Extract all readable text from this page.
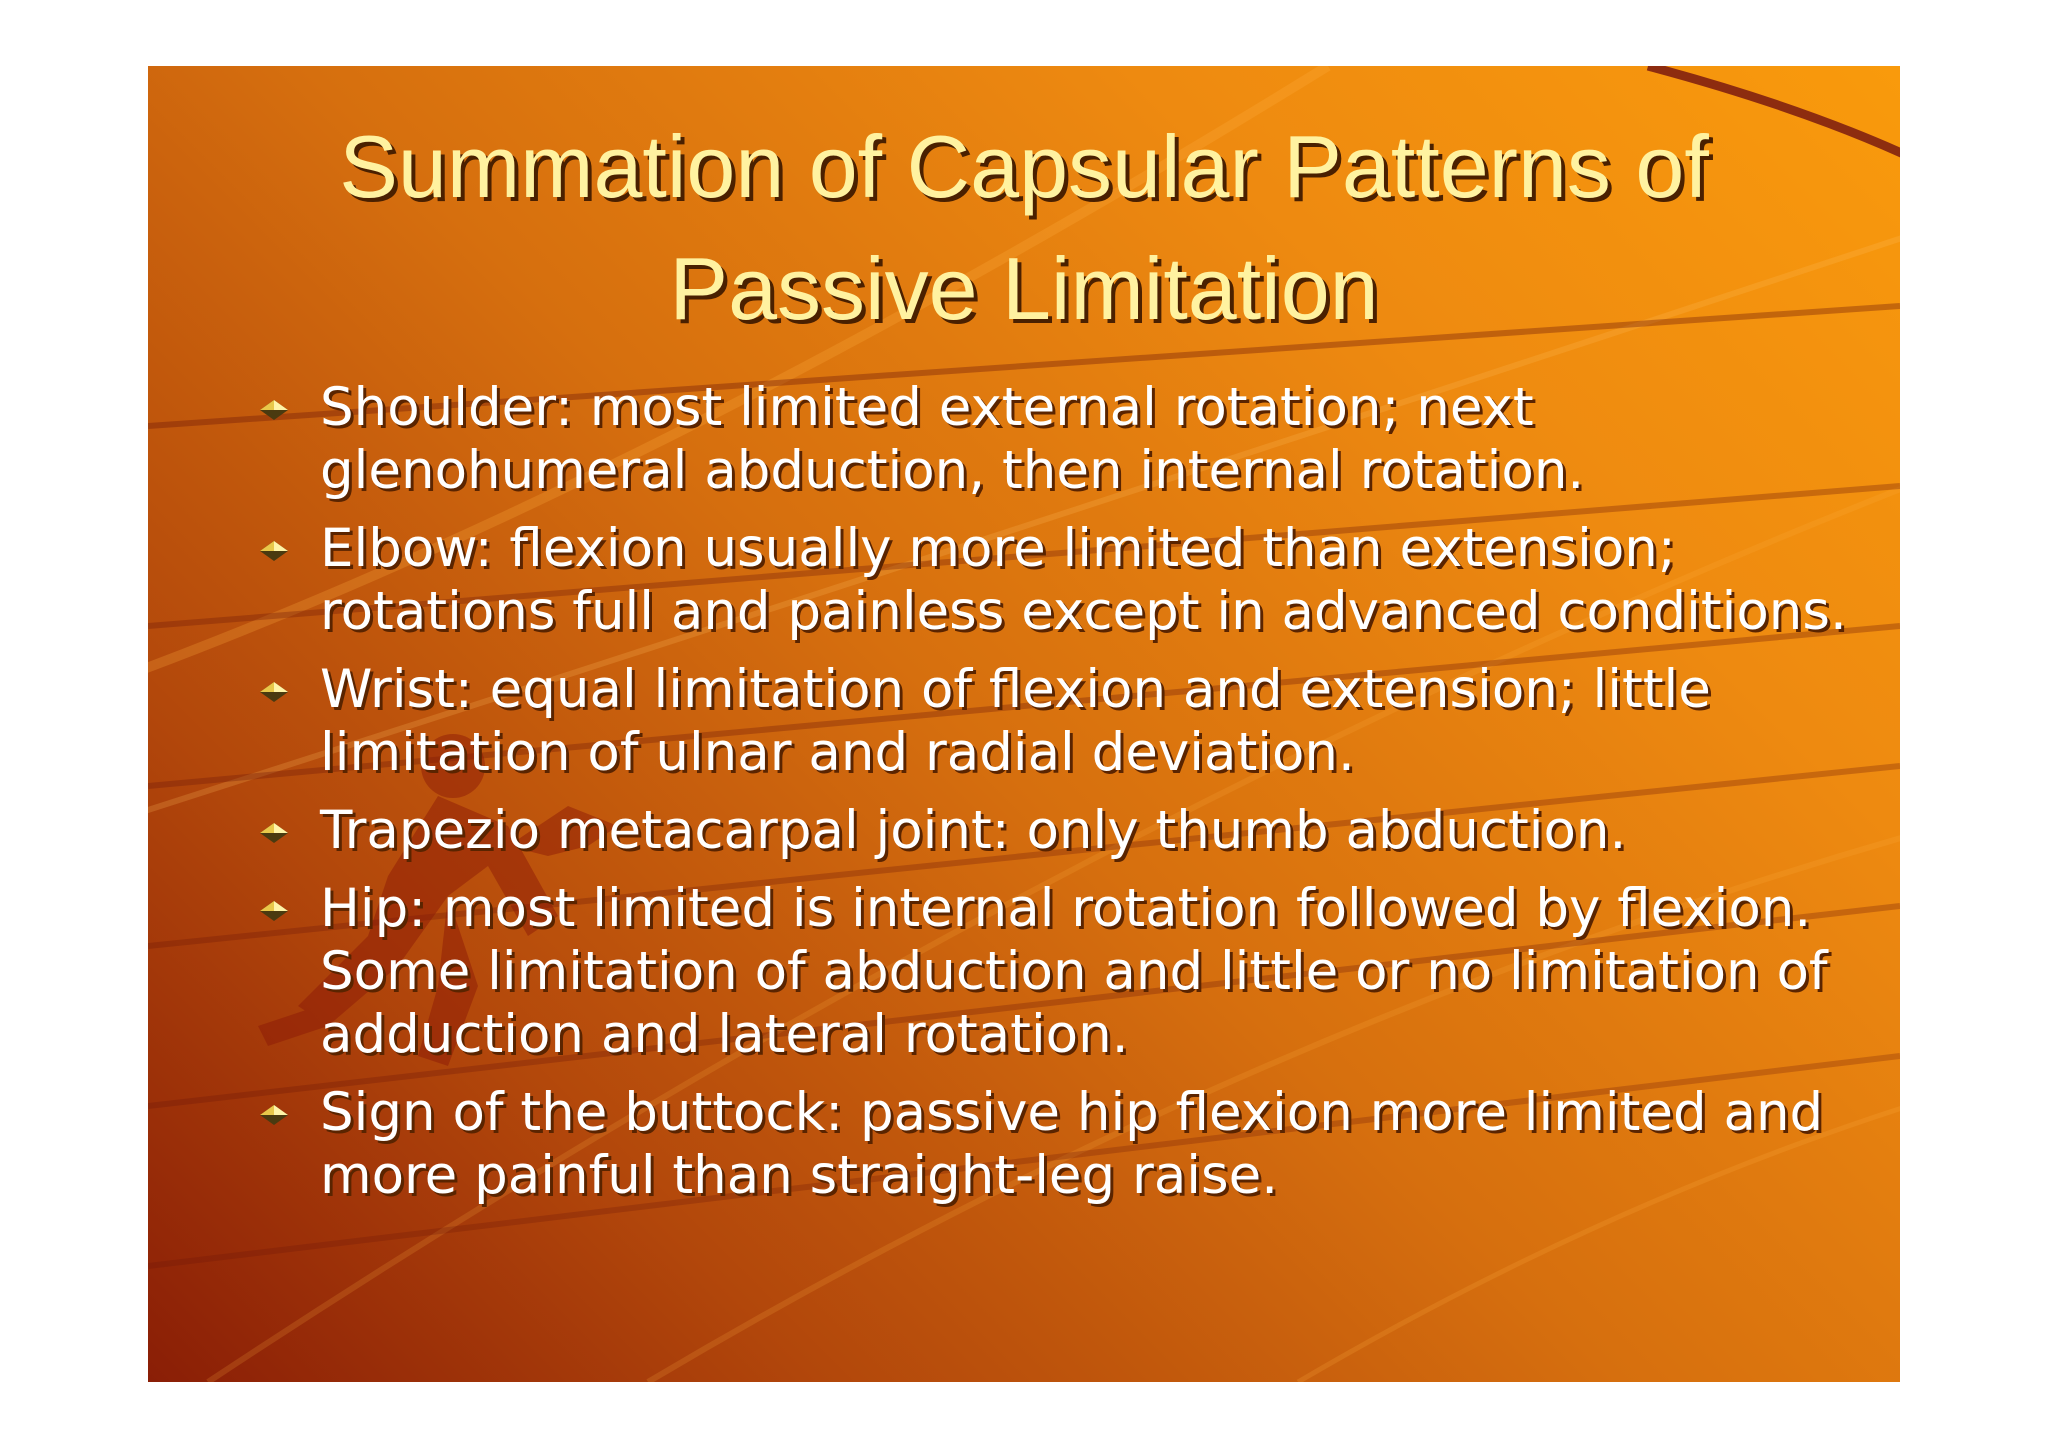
Summation of Capsular Patterns of Passive Limitation
Shoulder: most limited external rotation; next glenohumeral abduction, then internal rotation.
Elbow: flexion usually more limited than extension; rotations full and painless except in advanced conditions.
Wrist: equal limitation of flexion and extension; little limitation of ulnar and radial deviation.
Trapezio metacarpal joint: only thumb abduction.
Hip: most limited is internal rotation followed by flexion. Some limitation of abduction and little or no limitation of adduction and lateral rotation.
Sign of the buttock: passive hip flexion more limited and more painful than straight-leg raise.
